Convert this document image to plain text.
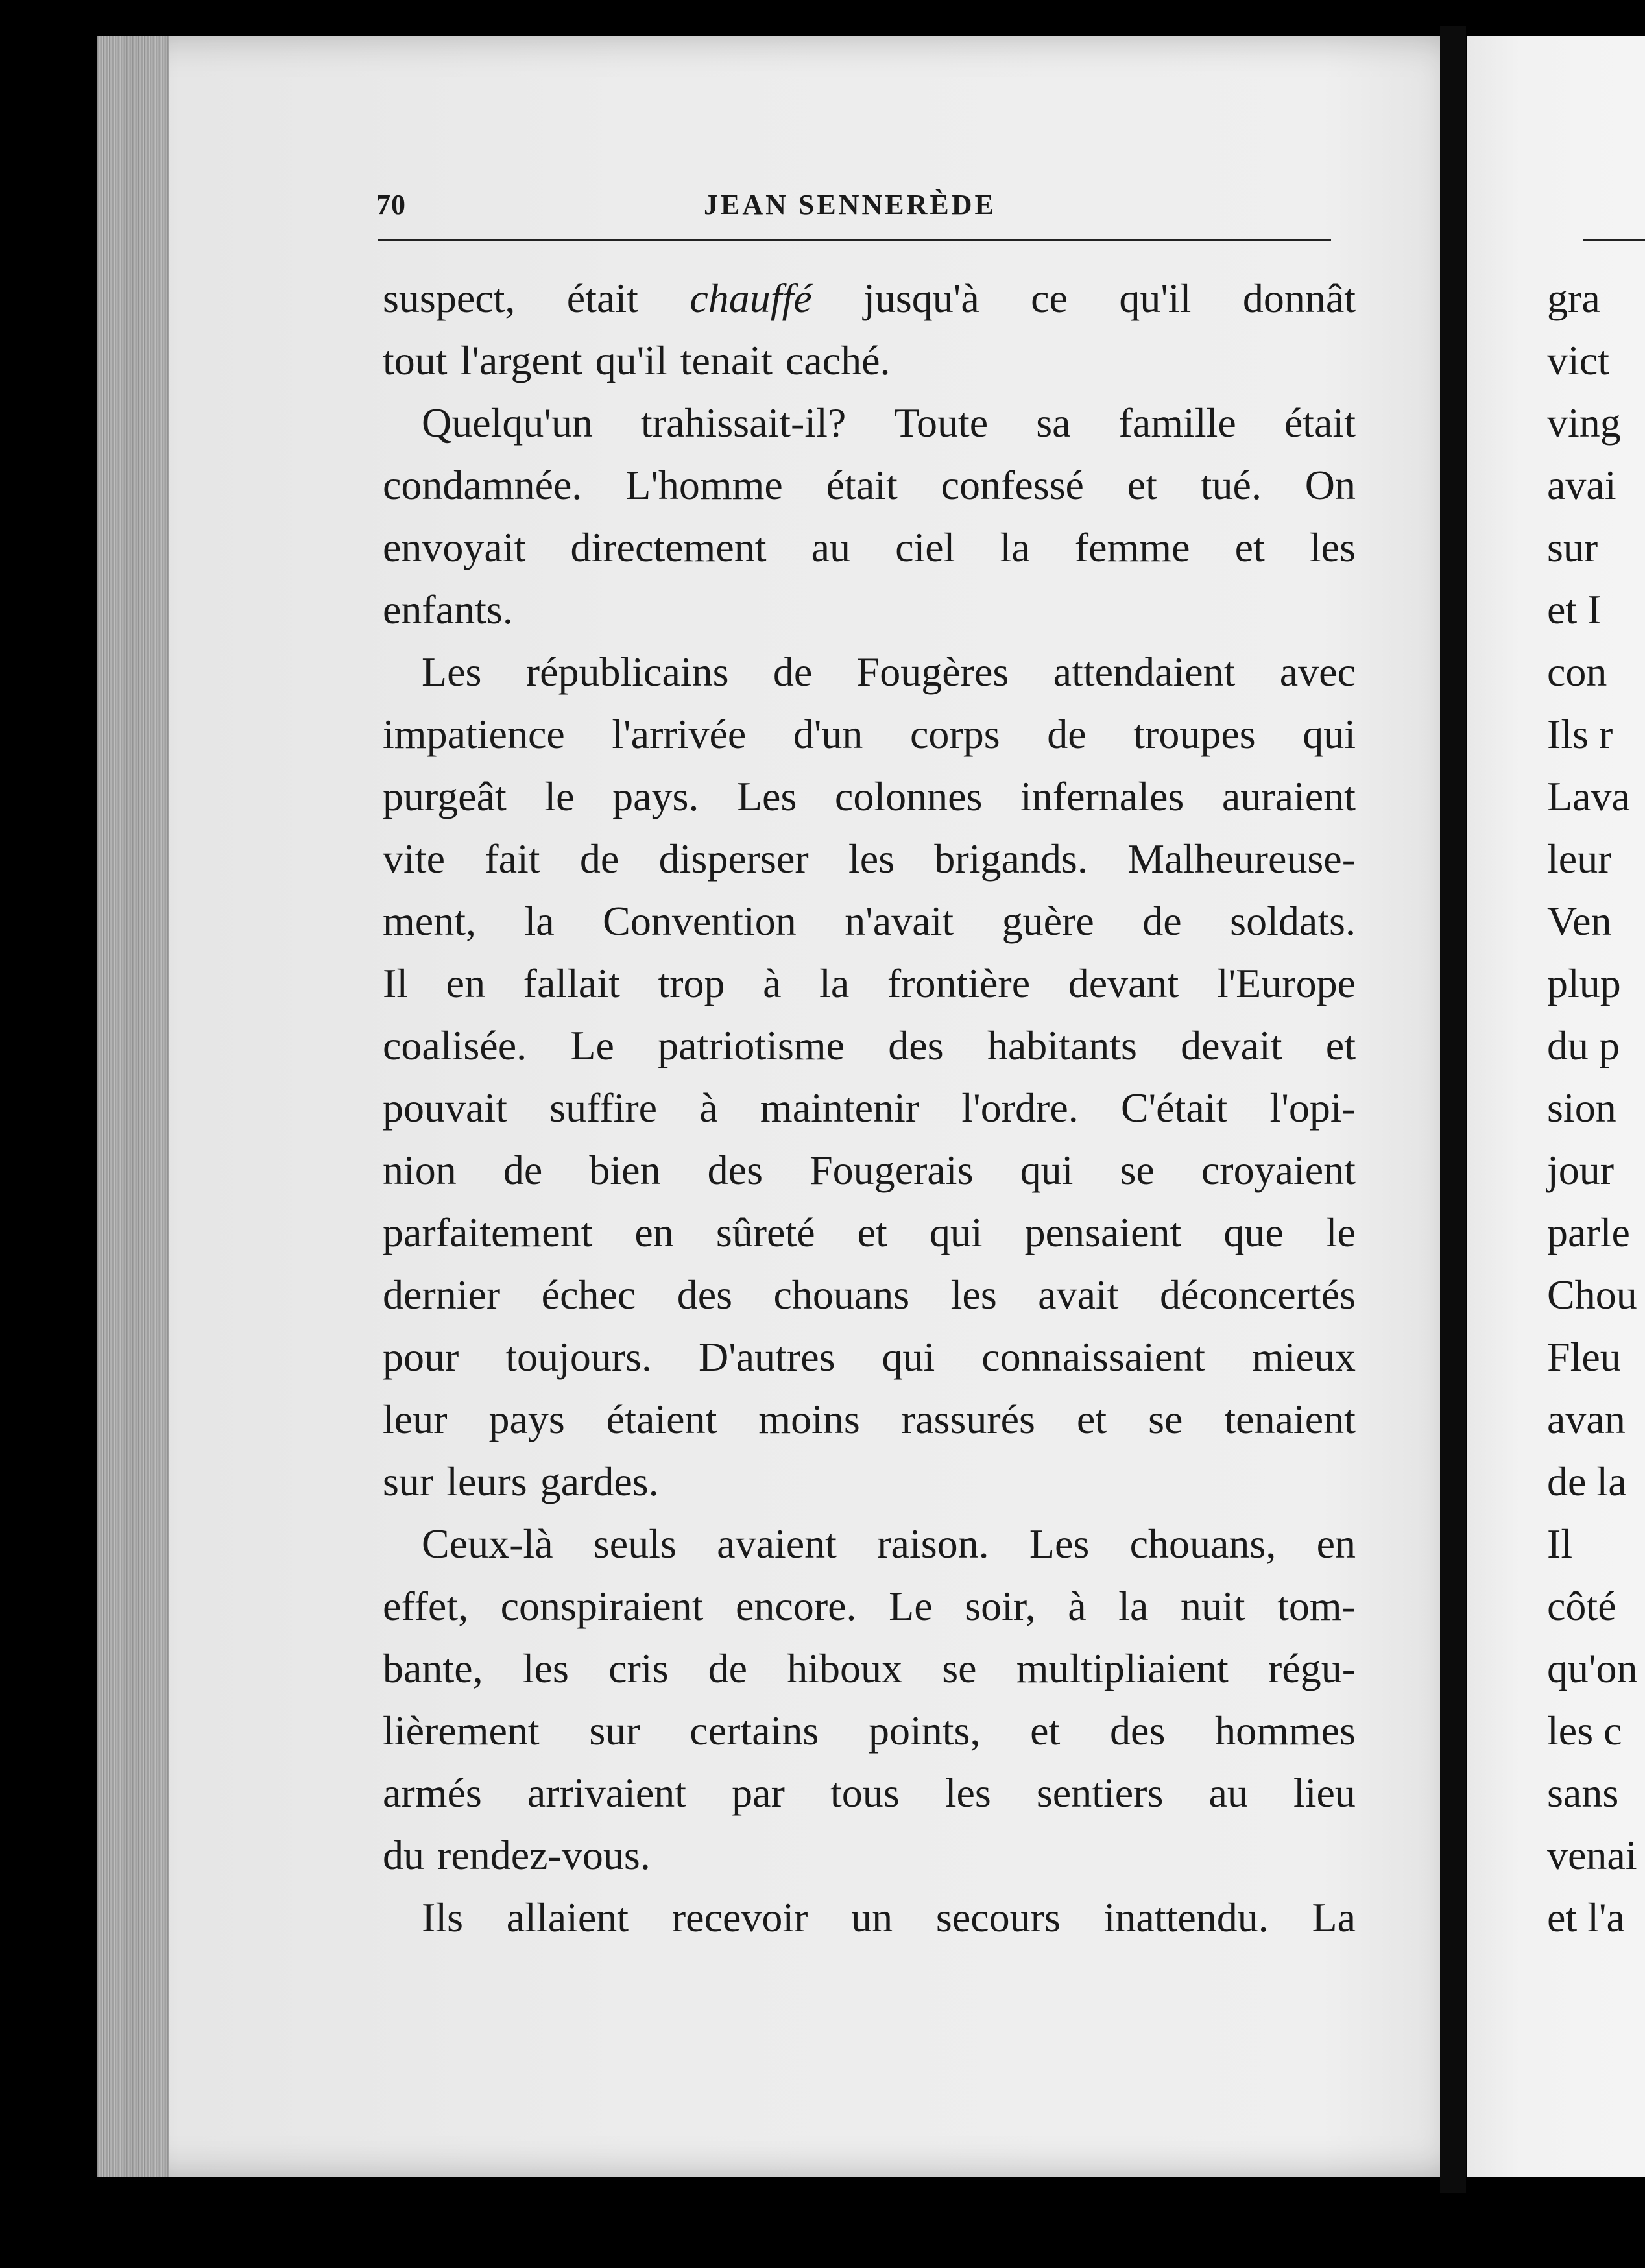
70	JEAN SENNERÈDE
suspect, était chauffé jusqu'à ce qu'il donnât
tout l'argent qu'il tenait caché.
Quelqu'un trahissait-il? Toute sa famille était
condamnée. L'homme était confessé et tué. On
envoyait directement au ciel la femme et les
enfants.
Les républicains de Fougères attendaient avec
impatience l'arrivée d'un corps de troupes qui
purgeât le pays. Les colonnes infernales auraient
vite fait de disperser les brigands. Malheureuse-
ment, la Convention n'avait guère de soldats.
Il en fallait trop à la frontière devant l'Europe
coalisée. Le patriotisme des habitants devait et
pouvait suffire à maintenir l'ordre. C'était l'opi-
nion de bien des Fougerais qui se croyaient
parfaitement en sûreté et qui pensaient que le
dernier échec des chouans les avait déconcertés
pour toujours. D'autres qui connaissaient mieux
leur pays étaient moins rassurés et se tenaient
sur leurs gardes.
Ceux-là seuls avaient raison. Les chouans, en
effet, conspiraient encore. Le soir, à la nuit tom-
bante, les cris de hiboux se multipliaient régu-
lièrement sur certains points, et des hommes
armés arrivaient par tous les sentiers au lieu
du rendez-vous.
Ils allaient recevoir un secours inattendu. La
gra
vict
ving
avai
sur
et I
con
Ils r
Lava
leur
Ven
plup
du p
sion
jour
parle
Chou
Fleu
avan
de la
Il
côté
qu'on
les c
sans
venai
et l'a
